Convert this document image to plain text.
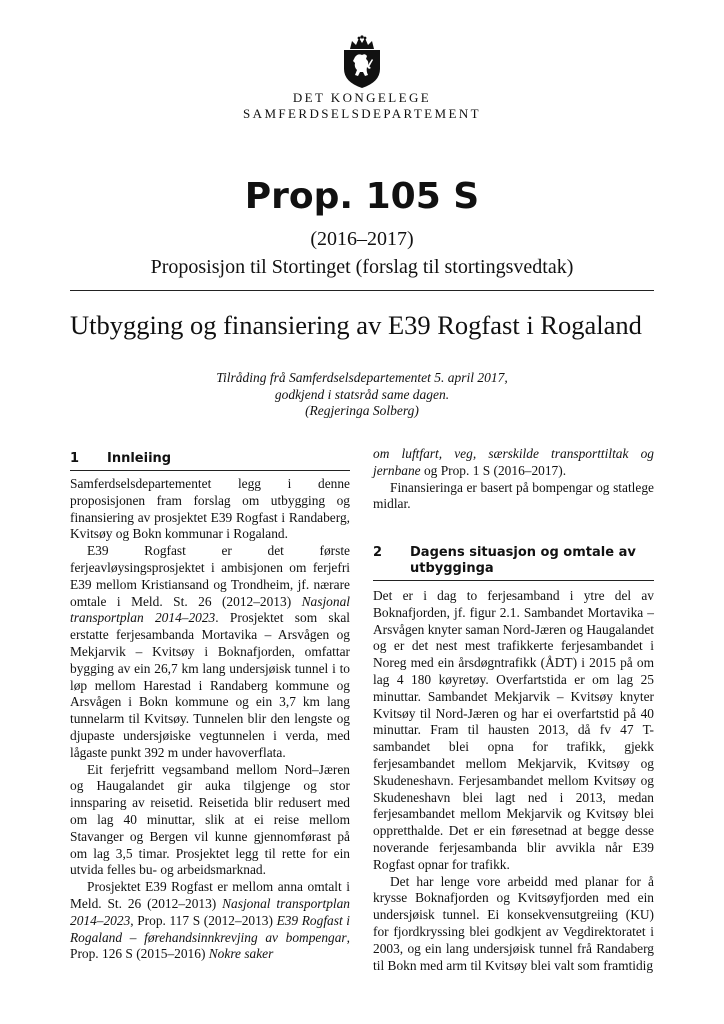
DET KONGELEGE
SAMFERDSELSDEPARTEMENT
Prop. 105 S
(2016–2017)
Proposisjon til Stortinget (forslag til stortingsvedtak)
Utbygging og finansiering av E39 Rogfast i Rogaland
Tilråding frå Samferdselsdepartementet 5. april 2017,
godkjend i statsråd same dagen.
(Regjeringa Solberg)
1	Innleiing

Samferdselsdepartementet legg i denne proposisjonen fram forslag om utbygging og finansiering av prosjektet E39 Rogfast i Randaberg, Kvitsøy og Bokn kommunar i Rogaland.

E39 Rogfast er det første ferjeavløysingsprosjektet i ambisjonen om ferjefri E39 mellom Kristiansand og Trondheim, jf. nærare omtale i Meld. St. 26 (2012–2013) Nasjonal transportplan 2014–2023. Prosjektet som skal erstatte ferjesambanda Mortavika – Arsvågen og Mekjarvik – Kvitsøy i Boknafjorden, omfattar bygging av ein 26,7 km lang undersjøisk tunnel i to løp mellom Harestad i Randaberg kommune og Arsvågen i Bokn kommune og ein 3,7 km lang tunnelarm til Kvitsøy. Tunnelen blir den lengste og djupaste undersjøiske vegtunnelen i verda, med lågaste punkt 392 m under havoverflata.

Eit ferjefritt vegsamband mellom Nord–Jæren og Haugalandet gir auka tilgjenge og stor innsparing av reisetid. Reisetida blir redusert med om lag 40 minuttar, slik at ei reise mellom Stavanger og Bergen vil kunne gjennomførast på om lag 3,5 timar. Prosjektet legg til rette for ein utvida felles bu- og arbeidsmarknad.

Prosjektet E39 Rogfast er mellom anna omtalt i Meld. St. 26 (2012–2013) Nasjonal transportplan 2014–2023, Prop. 117 S (2012–2013) E39 Rogfast i Rogaland – førehandsinnkrevjing av bompengar, Prop. 126 S (2015–2016) Nokre saker

om luftfart, veg, særskilde transporttiltak og jernbane og Prop. 1 S (2016–2017).

Finansieringa er basert på bompengar og statlege midlar.

2	Dagens situasjon og omtale av utbygginga

Det er i dag to ferjesamband i ytre del av Boknafjorden, jf. figur 2.1. Sambandet Mortavika – Arsvågen knyter saman Nord-Jæren og Haugalandet og er det nest mest trafikkerte ferjesambandet i Noreg med ein årsdøgntrafikk (ÅDT) i 2015 på om lag 4 180 køyretøy. Overfartstida er om lag 25 minuttar. Sambandet Mekjarvik – Kvitsøy knyter Kvitsøy til Nord-Jæren og har ei overfartstid på 40 minuttar. Fram til hausten 2013, då fv 47 T-sambandet blei opna for trafikk, gjekk ferjesambandet mellom Mekjarvik, Kvitsøy og Skudeneshavn. Ferjesambandet mellom Kvitsøy og Skudeneshavn blei lagt ned i 2013, medan ferjesambandet mellom Mekjarvik og Kvitsøy blei oppretthalde. Det er ein føresetnad at begge desse noverande ferjesambanda blir avvikla når E39 Rogfast opnar for trafikk.

Det har lenge vore arbeidd med planar for å krysse Boknafjorden og Kvitsøyfjorden med ein undersjøisk tunnel. Ei konsekvensutgreiing (KU) for fjordkryssing blei godkjent av Vegdirektoratet i 2003, og ein lang undersjøisk tunnel frå Randaberg til Bokn med arm til Kvitsøy blei valt som framtidig
